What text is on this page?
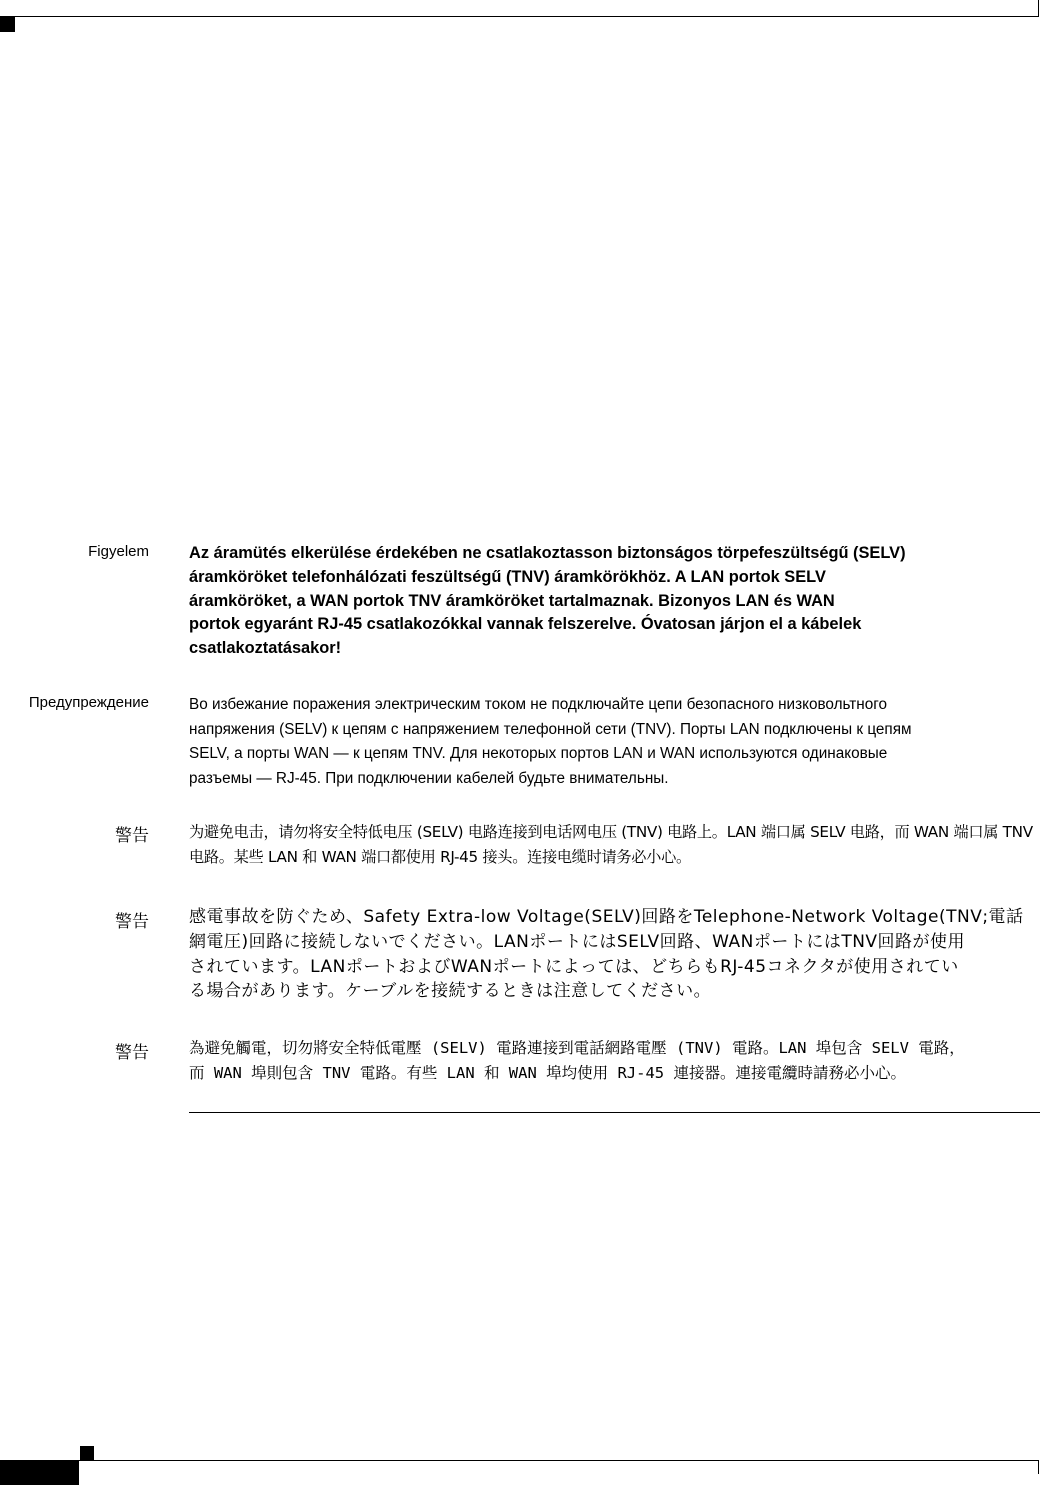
Figyelem Az áramütés elkerülése érdekében ne csatlakoztasson biztonságos törpefeszültségű (SELV)
áramköröket telefonhálózati feszültségű (TNV) áramkörökhöz. A LAN portok SELV
áramköröket, a WAN portok TNV áramköröket tartalmaznak. Bizonyos LAN és WAN
portok egyaránt RJ-45 csatlakozókkal vannak felszerelve. Óvatosan járjon el a kábelek
csatlakoztatásakor!
Предупреждение	Во избежание поражения электрическим током не подключайте цепи безопасного низковольтного
напряжения (SELV) к цепям с напряжением телефонной сети (TNV). Порты LAN подключены к цепям
SELV, а порты WAN — к цепям TNV. Для некоторых портов LAN и WAN используются одинаковые
разъемы — RJ-45. При подключении кабелей будьте внимательны.
警告	为避免电击，请勿将安全特低电压 (SELV) 电路连接到电话网电压 (TNV) 电路上。LAN 端口属 SELV 电路，而 WAN 端口属 TNV
电路。某些 LAN 和 WAN 端口都使用 RJ-45 接头。连接电缆时请务必小心。
警告 感電事故を防ぐため、Safety Extra-low Voltage(SELV)回路をTelephone-Network Voltage(TNV;電話
網電圧)回路に接続しないでください。LANポートにはSELV回路、WANポートにはTNV回路が使用
されています。LANポートおよびWANポートによっては、どちらもRJ-45コネクタが使用されてい
る場合があります。ケーブルを接続するときは注意してください。
警告	為避免觸電，切勿將安全特低電壓 (SELV) 電路連接到電話網路電壓 (TNV) 電路。LAN 埠包含 SELV 電路，
而 WAN 埠則包含 TNV 電路。有些 LAN 和 WAN 埠均使用 RJ-45 連接器。連接電纜時請務必小心。
